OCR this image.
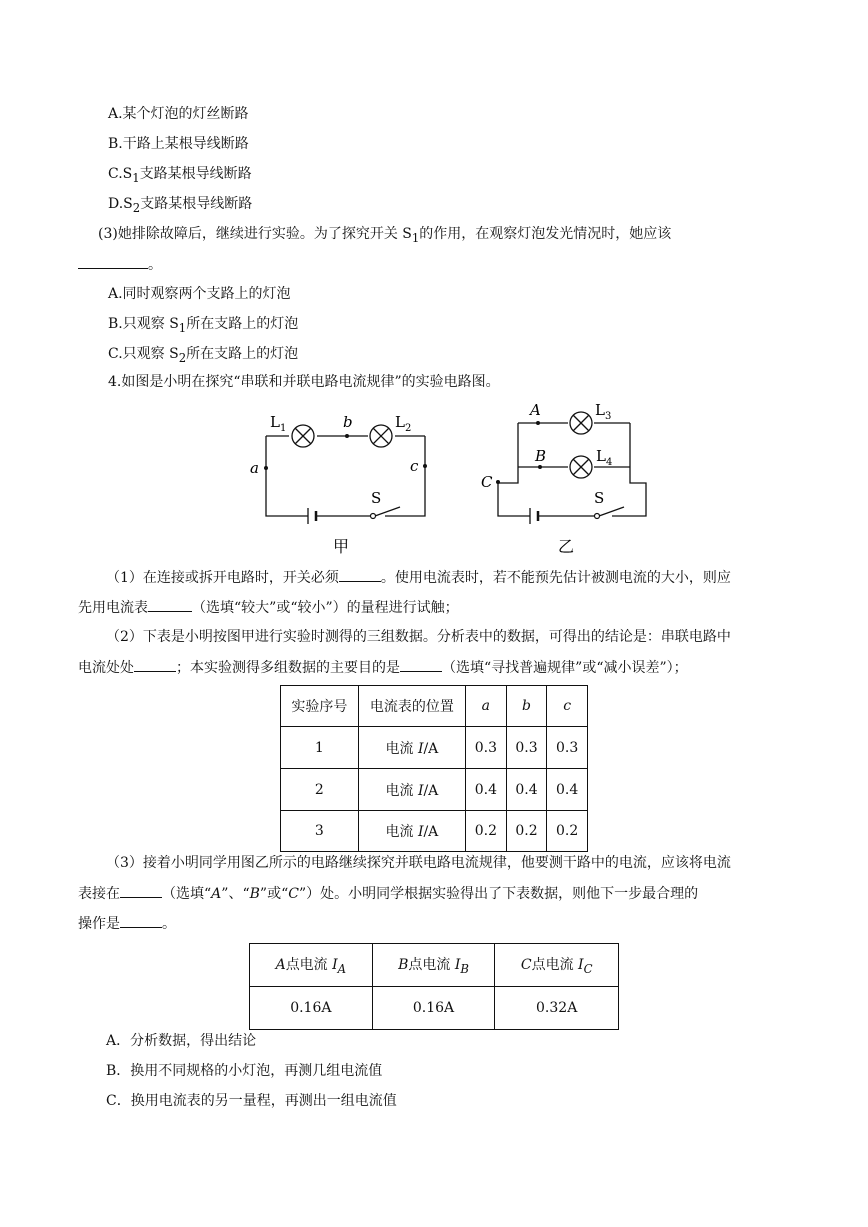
A.某个灯泡的灯丝断路
B.干路上某根导线断路
$C.S_1$支路某根导线断路
$D.S_2$支路某根导线断路
(3)她排除故障后，继续进行实验。为了探究开关 $S_1$的作用，在观察灯泡发光情况时，她应该
。
A.同时观察两个支路上的灯泡
B.只观察 $S_1$所在支路上的灯泡
C.只观察 $S_2$所在支路上的灯泡
4.如图是小明在探究“串联和并联电路电流规律”的实验电路图。
$L_1$	$L_2$
b
a	c
S
甲
A
B
C
$L_3$
$L_4$
S
乙
（1）在连接或拆开电路时，开关必须	。使用电流表时，若不能预先估计被测电流的大小，则应
先用电流表	（选填“较大”或“较小”）的量程进行试触；
（2）下表是小明按图甲进行实验时测得的三组数据。分析表中的数据，可得出的结论是：串联电路中
电流处处	；本实验测得多组数据的主要目的是	（选填“寻找普遍规律”或“减小误差”）；
实验序号	电流表的位置	a	b	c
1	电流 I/A	0.3	0.3	0.3
2	电流 I/A	0.4	0.4	0.4
3	电流 I/A	0.2	0.2	0.2
（3）接着小明同学用图乙所示的电路继续探究并联电路电流规律，他要测干路中的电流，应该将电流
表接在	（选填“A”、“B”或“C”）处。小明同学根据实验得出了下表数据，则他下一步最合理的
操作是	。
A点电流 $I_A$	B点电流 $I_B$	C点电流 $I_C$
0.16A	0.16A	0.32A
A．分析数据，得出结论
B．换用不同规格的小灯泡，再测几组电流值
C．换用电流表的另一量程，再测出一组电流值
